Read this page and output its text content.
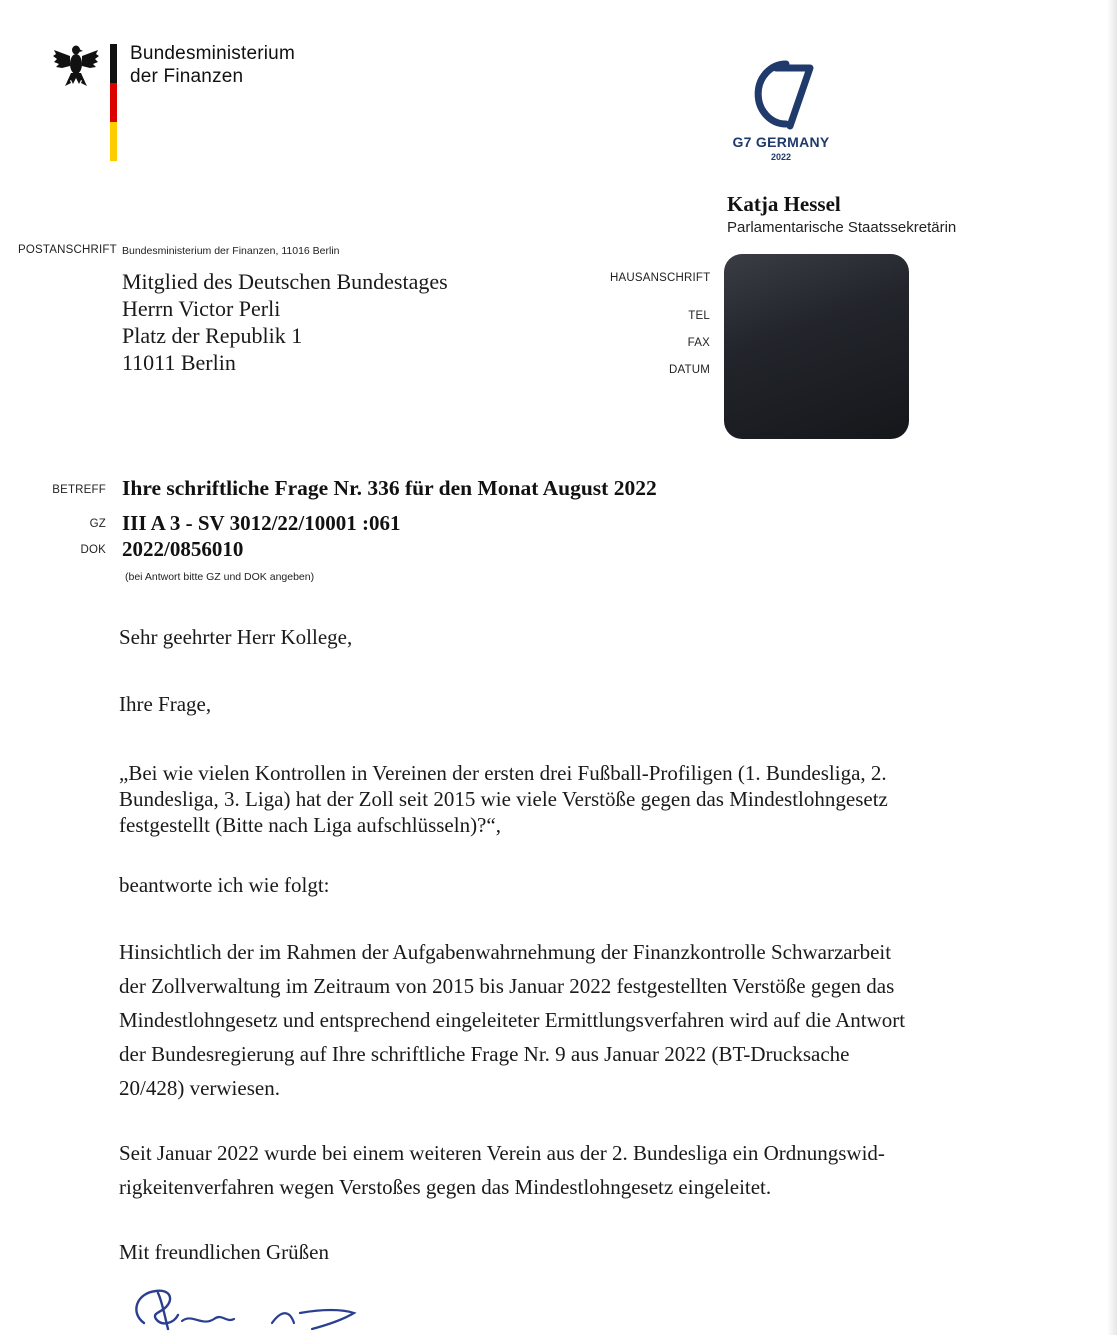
Bundesministerium
der Finanzen
G7 GERMANY
2022
Katja Hessel
Parlamentarische Staatssekretärin
POSTANSCHRIFT Bundesministerium der Finanzen, 11016 Berlin
Mitglied des Deutschen Bundestages
Herrn Victor Perli
Platz der Republik 1
11011 Berlin
HAUSANSCHRIFT
TEL
FAX
DATUM
BETREFF Ihre schriftliche Frage Nr. 336 für den Monat August 2022
GZ III A 3 - SV 3012/22/10001 :061
DOK 2022/0856010
(bei Antwort bitte GZ und DOK angeben)
Sehr geehrter Herr Kollege,
Ihre Frage,
„Bei wie vielen Kontrollen in Vereinen der ersten drei Fußball-Profiligen (1. Bundesliga, 2.
Bundesliga, 3. Liga) hat der Zoll seit 2015 wie viele Verstöße gegen das Mindestlohngesetz
festgestellt (Bitte nach Liga aufschlüsseln)?“,
beantworte ich wie folgt:
Hinsichtlich der im Rahmen der Aufgabenwahrnehmung der Finanzkontrolle Schwarzarbeit
der Zollverwaltung im Zeitraum von 2015 bis Januar 2022 festgestellten Verstöße gegen das
Mindestlohngesetz und entsprechend eingeleiteter Ermittlungsverfahren wird auf die Antwort
der Bundesregierung auf Ihre schriftliche Frage Nr. 9 aus Januar 2022 (BT-Drucksache
20/428) verwiesen.
Seit Januar 2022 wurde bei einem weiteren Verein aus der 2. Bundesliga ein Ordnungswid-
rigkeitenverfahren wegen Verstoßes gegen das Mindestlohngesetz eingeleitet.
Mit freundlichen Grüßen
